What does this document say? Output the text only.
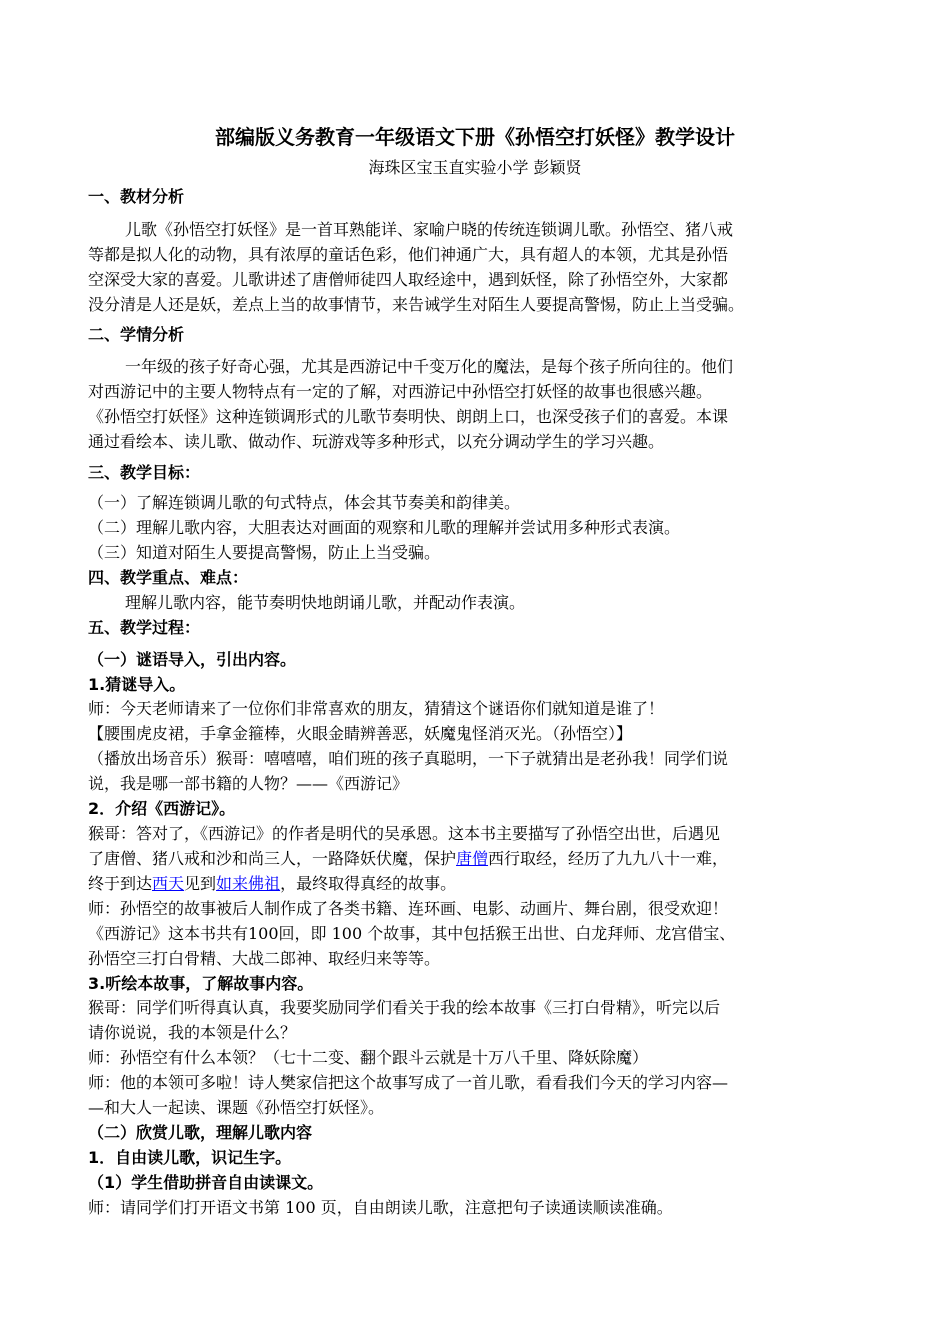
部编版义务教育一年级语文下册《孙悟空打妖怪》教学设计
海珠区宝玉直实验小学 彭颖贤
一、教材分析
儿歌《孙悟空打妖怪》是一首耳熟能详、家喻户晓的传统连锁调儿歌。孙悟空、猪八戒
等都是拟人化的动物，具有浓厚的童话色彩，他们神通广大，具有超人的本领，尤其是孙悟
空深受大家的喜爱。儿歌讲述了唐僧师徒四人取经途中，遇到妖怪，除了孙悟空外，大家都
没分清是人还是妖，差点上当的故事情节，来告诫学生对陌生人要提高警惕，防止上当受骗。
二、学情分析
一年级的孩子好奇心强，尤其是西游记中千变万化的魔法，是每个孩子所向往的。他们
对西游记中的主要人物特点有一定的了解，对西游记中孙悟空打妖怪的故事也很感兴趣。
《孙悟空打妖怪》这种连锁调形式的儿歌节奏明快、朗朗上口，也深受孩子们的喜爱。本课
通过看绘本、读儿歌、做动作、玩游戏等多种形式，以充分调动学生的学习兴趣。
三、教学目标：
（一）了解连锁调儿歌的句式特点，体会其节奏美和韵律美。
（二）理解儿歌内容，大胆表达对画面的观察和儿歌的理解并尝试用多种形式表演。
（三）知道对陌生人要提高警惕，防止上当受骗。
四、教学重点、难点：
理解儿歌内容，能节奏明快地朗诵儿歌，并配动作表演。
五、教学过程：
（一）谜语导入，引出内容。
1.猜谜导入。
师：今天老师请来了一位你们非常喜欢的朋友，猜猜这个谜语你们就知道是谁了！
【腰围虎皮裙，手拿金箍棒，火眼金睛辨善恶，妖魔鬼怪消灭光。（孙悟空）】
（播放出场音乐）猴哥：嘻嘻嘻，咱们班的孩子真聪明，一下子就猜出是老孙我！同学们说
说，我是哪一部书籍的人物？——《西游记》
2．介绍《西游记》。
猴哥：答对了，《西游记》的作者是明代的吴承恩。这本书主要描写了孙悟空出世，后遇见
了唐僧、猪八戒和沙和尚三人，一路降妖伏魔，保护唐僧西行取经，经历了九九八十一难，
终于到达西天见到如来佛祖，最终取得真经的故事。
师：孙悟空的故事被后人制作成了各类书籍、连环画、电影、动画片、舞台剧，很受欢迎！
《西游记》这本书共有100回，即 100 个故事，其中包括猴王出世、白龙拜师、龙宫借宝、
孙悟空三打白骨精、大战二郎神、取经归来等等。
3.听绘本故事，了解故事内容。
猴哥：同学们听得真认真，我要奖励同学们看关于我的绘本故事《三打白骨精》，听完以后
请你说说，我的本领是什么？
师：孙悟空有什么本领？（七十二变、翻个跟斗云就是十万八千里、降妖除魔）
师：他的本领可多啦！诗人樊家信把这个故事写成了一首儿歌，看看我们今天的学习内容—
—和大人一起读、课题《孙悟空打妖怪》。
（二）欣赏儿歌，理解儿歌内容
1．自由读儿歌，识记生字。
（1）学生借助拼音自由读课文。
师：请同学们打开语文书第 100 页，自由朗读儿歌，注意把句子读通读顺读准确。
